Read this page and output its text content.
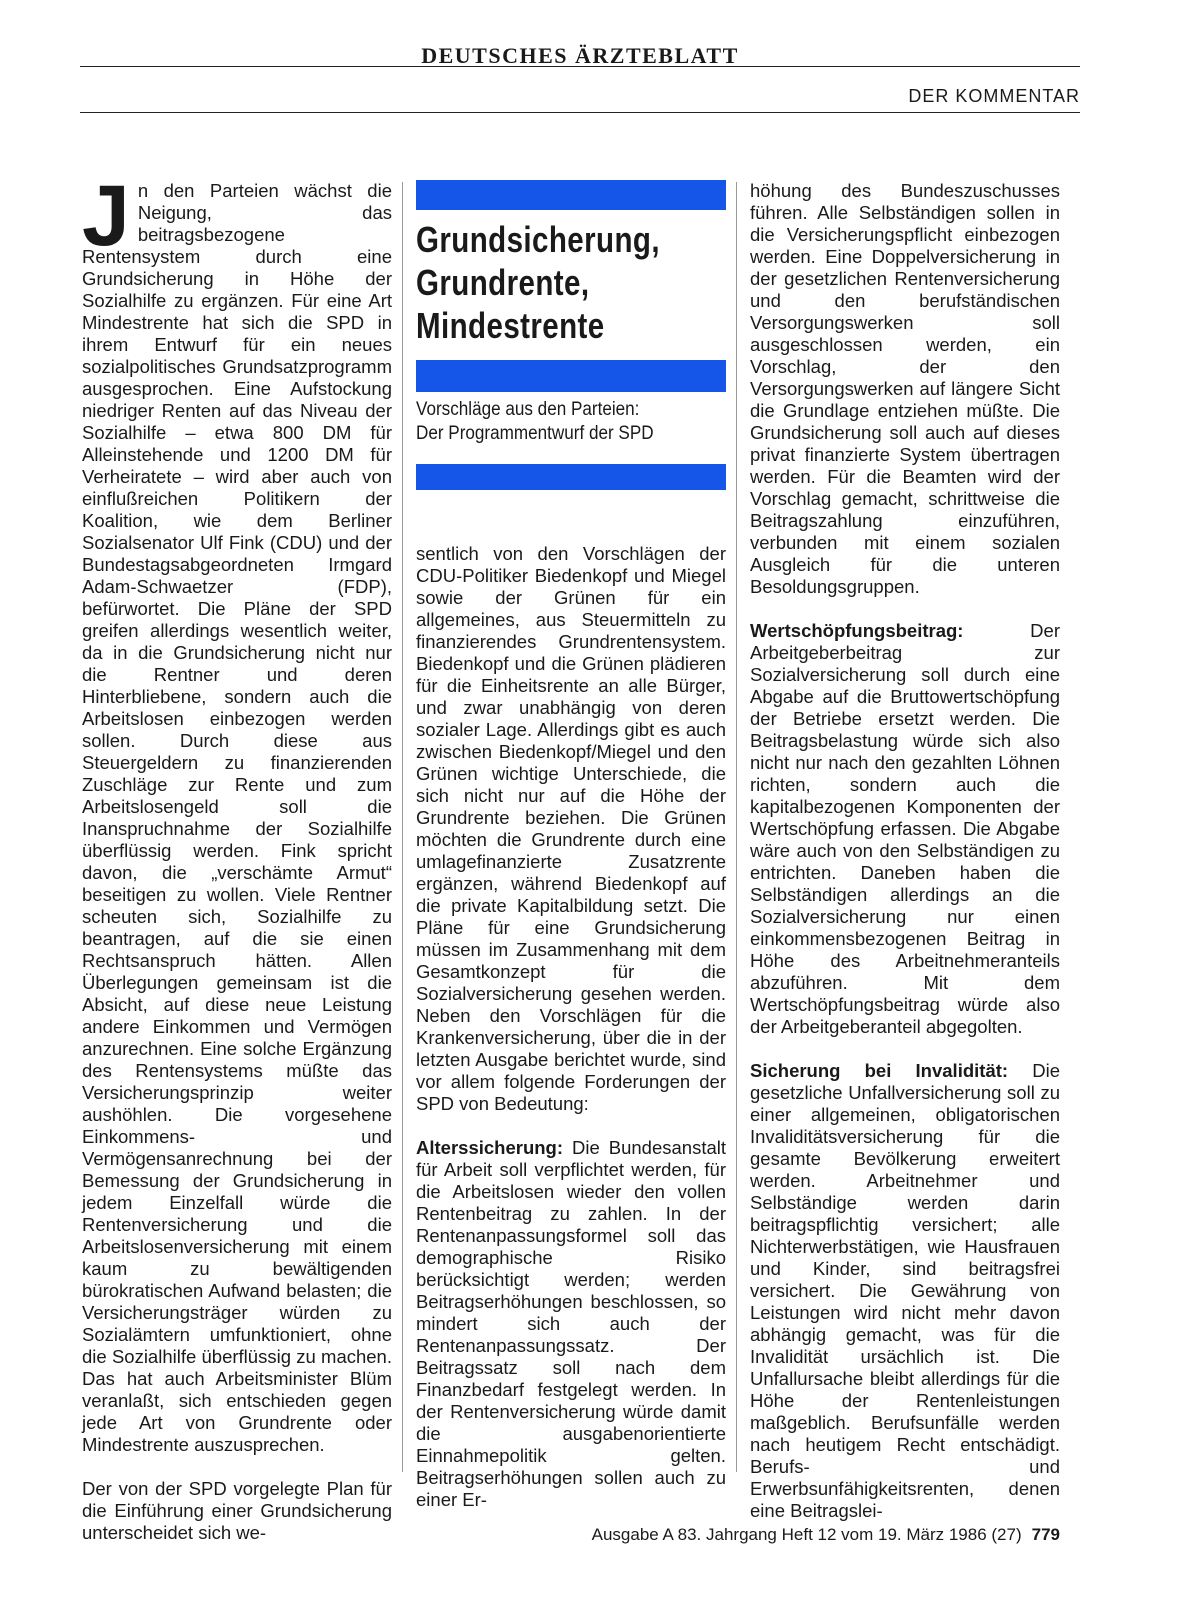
DEUTSCHES ÄRZTEBLATT
DER KOMMENTAR

Jn den Parteien wächst die Neigung, das beitragsbezogene Rentensystem durch eine Grundsicherung in Höhe der Sozialhilfe zu ergänzen. Für eine Art Mindestrente hat sich die SPD in ihrem Entwurf für ein neues sozialpolitisches Grundsatzprogramm ausgesprochen. Eine Aufstockung niedriger Renten auf das Niveau der Sozialhilfe – etwa 800 DM für Alleinstehende und 1200 DM für Verheiratete – wird aber auch von einflußreichen Politikern der Koalition, wie dem Berliner Sozialsenator Ulf Fink (CDU) und der Bundestagsabgeordneten Irmgard Adam-Schwaetzer (FDP), befürwortet. Die Pläne der SPD greifen allerdings wesentlich weiter, da in die Grundsicherung nicht nur die Rentner und deren Hinterbliebene, sondern auch die Arbeitslosen einbezogen werden sollen. Durch diese aus Steuergeldern zu finanzierenden Zuschläge zur Rente und zum Arbeitslosengeld soll die Inanspruchnahme der Sozialhilfe überflüssig werden. Fink spricht davon, die „verschämte Armut“ beseitigen zu wollen. Viele Rentner scheuten sich, Sozialhilfe zu beantragen, auf die sie einen Rechtsanspruch hätten. Allen Überlegungen gemeinsam ist die Absicht, auf diese neue Leistung andere Einkommen und Vermögen anzurechnen. Eine solche Ergänzung des Rentensystems müßte das Versicherungsprinzip weiter aushöhlen. Die vorgesehene Einkommens- und Vermögensanrechnung bei der Bemessung der Grundsicherung in jedem Einzelfall würde die Rentenversicherung und die Arbeitslosenversicherung mit einem kaum zu bewältigenden bürokratischen Aufwand belasten; die Versicherungsträger würden zu Sozialämtern umfunktioniert, ohne die Sozialhilfe überflüssig zu machen. Das hat auch Arbeitsminister Blüm veranlaßt, sich entschieden gegen jede Art von Grundrente oder Mindestrente auszusprechen.

Der von der SPD vorgelegte Plan für die Einführung einer Grundsicherung unterscheidet sich we-

Grundsicherung,
Grundrente,
Mindestrente
Vorschläge aus den Parteien:
Der Programmentwurf der SPD

sentlich von den Vorschlägen der CDU-Politiker Biedenkopf und Miegel sowie der Grünen für ein allgemeines, aus Steuermitteln zu finanzierendes Grundrentensystem. Biedenkopf und die Grünen plädieren für die Einheitsrente an alle Bürger, und zwar unabhängig von deren sozialer Lage. Allerdings gibt es auch zwischen Biedenkopf/Miegel und den Grünen wichtige Unterschiede, die sich nicht nur auf die Höhe der Grundrente beziehen. Die Grünen möchten die Grundrente durch eine umlagefinanzierte Zusatzrente ergänzen, während Biedenkopf auf die private Kapitalbildung setzt. Die Pläne für eine Grundsicherung müssen im Zusammenhang mit dem Gesamtkonzept für die Sozialversicherung gesehen werden. Neben den Vorschlägen für die Krankenversicherung, über die in der letzten Ausgabe berichtet wurde, sind vor allem folgende Forderungen der SPD von Bedeutung:

Alterssicherung: Die Bundesanstalt für Arbeit soll verpflichtet werden, für die Arbeitslosen wieder den vollen Rentenbeitrag zu zahlen. In der Rentenanpassungsformel soll das demographische Risiko berücksichtigt werden; werden Beitragserhöhungen beschlossen, so mindert sich auch der Rentenanpassungssatz. Der Beitragssatz soll nach dem Finanzbedarf festgelegt werden. In der Rentenversicherung würde damit die ausgabenorientierte Einnahmepolitik gelten. Beitragserhöhungen sollen auch zu einer Er-

höhung des Bundeszuschusses führen. Alle Selbständigen sollen in die Versicherungspflicht einbezogen werden. Eine Doppelversicherung in der gesetzlichen Rentenversicherung und den berufständischen Versorgungswerken soll ausgeschlossen werden, ein Vorschlag, der den Versorgungswerken auf längere Sicht die Grundlage entziehen müßte. Die Grundsicherung soll auch auf dieses privat finanzierte System übertragen werden. Für die Beamten wird der Vorschlag gemacht, schrittweise die Beitragszahlung einzuführen, verbunden mit einem sozialen Ausgleich für die unteren Besoldungsgruppen.

Wertschöpfungsbeitrag: Der Arbeitgeberbeitrag zur Sozialversicherung soll durch eine Abgabe auf die Bruttowertschöpfung der Betriebe ersetzt werden. Die Beitragsbelastung würde sich also nicht nur nach den gezahlten Löhnen richten, sondern auch die kapitalbezogenen Komponenten der Wertschöpfung erfassen. Die Abgabe wäre auch von den Selbständigen zu entrichten. Daneben haben die Selbständigen allerdings an die Sozialversicherung nur einen einkommensbezogenen Beitrag in Höhe des Arbeitnehmeranteils abzuführen. Mit dem Wertschöpfungsbeitrag würde also der Arbeitgeberanteil abgegolten.

Sicherung bei Invalidität: Die gesetzliche Unfallversicherung soll zu einer allgemeinen, obligatorischen Invaliditätsversicherung für die gesamte Bevölkerung erweitert werden. Arbeitnehmer und Selbständige werden darin beitragspflichtig versichert; alle Nichterwerbstätigen, wie Hausfrauen und Kinder, sind beitragsfrei versichert. Die Gewährung von Leistungen wird nicht mehr davon abhängig gemacht, was für die Invalidität ursächlich ist. Die Unfallursache bleibt allerdings für die Höhe der Rentenleistungen maßgeblich. Berufsunfälle werden nach heutigem Recht entschädigt. Berufs- und Erwerbsunfähigkeitsrenten, denen eine Beitragslei-

Ausgabe A 83. Jahrgang Heft 12 vom 19. März 1986 (27) 779
